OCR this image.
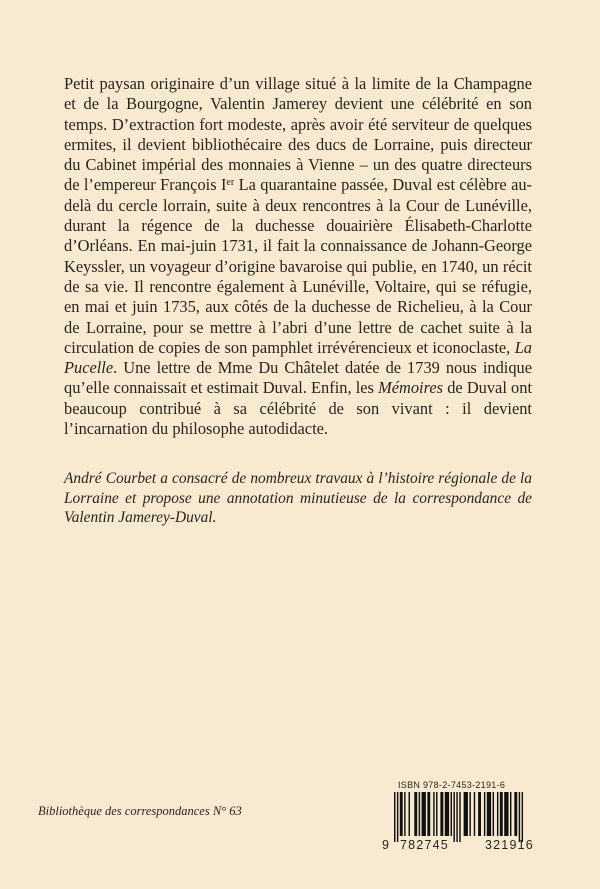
Petit paysan originaire d’un village situé à la limite de la Champagne et de la Bourgogne, Valentin Jamerey devient une célébrité en son temps. D’extraction fort modeste, après avoir été serviteur de quelques ermites, il devient bibliothécaire des ducs de Lorraine, puis directeur du Cabinet impérial des monnaies à Vienne – un des quatre directeurs de l’empereur François Ier La quarantaine passée, Duval est célèbre au-delà du cercle lorrain, suite à deux rencontres à la Cour de Lunéville, durant la régence de la duchesse douairière Élisabeth-Charlotte d’Orléans. En mai-juin 1731, il fait la connaissance de Johann-George Keyssler, un voyageur d’origine bavaroise qui publie, en 1740, un récit de sa vie. Il rencontre également à Lunéville, Voltaire, qui se réfugie, en mai et juin 1735, aux côtés de la duchesse de Richelieu, à la Cour de Lorraine, pour se mettre à l’abri d’une lettre de cachet suite à la circulation de copies de son pamphlet irrévérencieux et iconoclaste, La Pucelle. Une lettre de Mme Du Châtelet datée de 1739 nous indique qu’elle connaissait et estimait Duval. Enfin, les Mémoires de Duval ont beaucoup contribué à sa célébrité de son vivant : il devient l’incarnation du philosophe autodidacte.
André Courbet a consacré de nombreux travaux à l’histoire régionale de la Lorraine et propose une annotation minutieuse de la correspondance de Valentin Jamerey-Duval.
Bibliothèque des correspondances N° 63
ISBN 978-2-7453-2191-6
9 782745	321916
